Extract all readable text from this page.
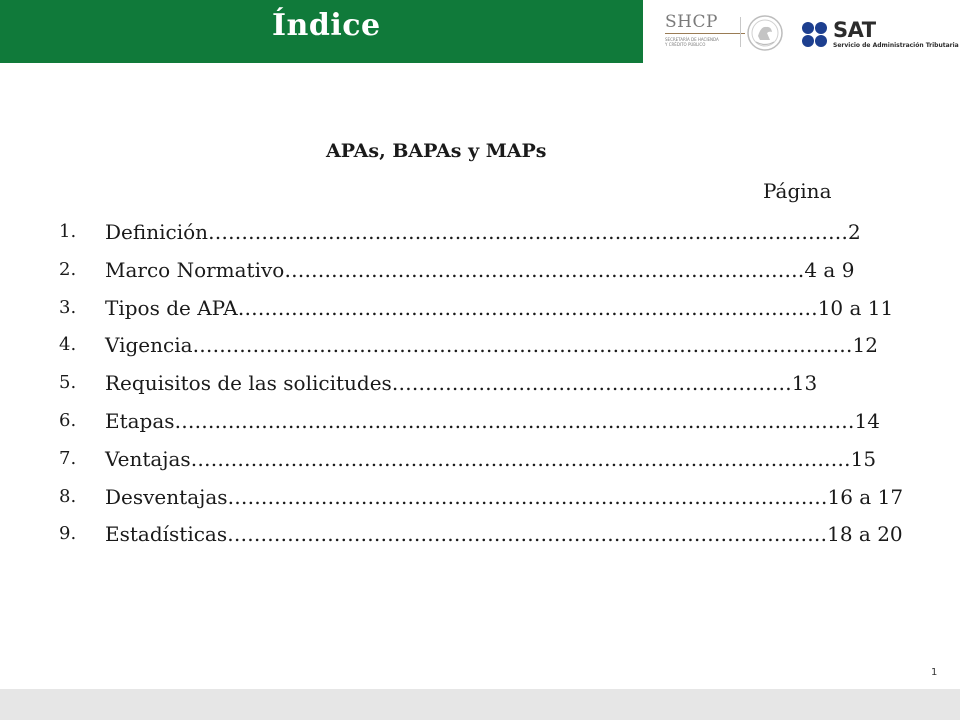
Índice	SHCP
SECRETARÍA DE HACIENDA
Y CRÉDITO PÚBLICO
SAT
Servicio de Administración Tributaria
APAs, BAPAs y MAPs
Página
1.	Definición……………………………………………………………………………………2
2.	Marco Normativo……………………………………………………………………4 a 9
3.	Tipos de APA……………………………………………………………………………10 a 11
4.	Vigencia………………………………………………………………………………………12
5.	Requisitos de las solicitudes……………………………………………………13
6.	Etapas…………………………………………………………………………………………14
7.	Ventajas………………………………………………………………………………………15
8.	Desventajas………………………………………………………………………………16 a 17
9.	Estadísticas………………………………………………………………………………18 a 20
1
